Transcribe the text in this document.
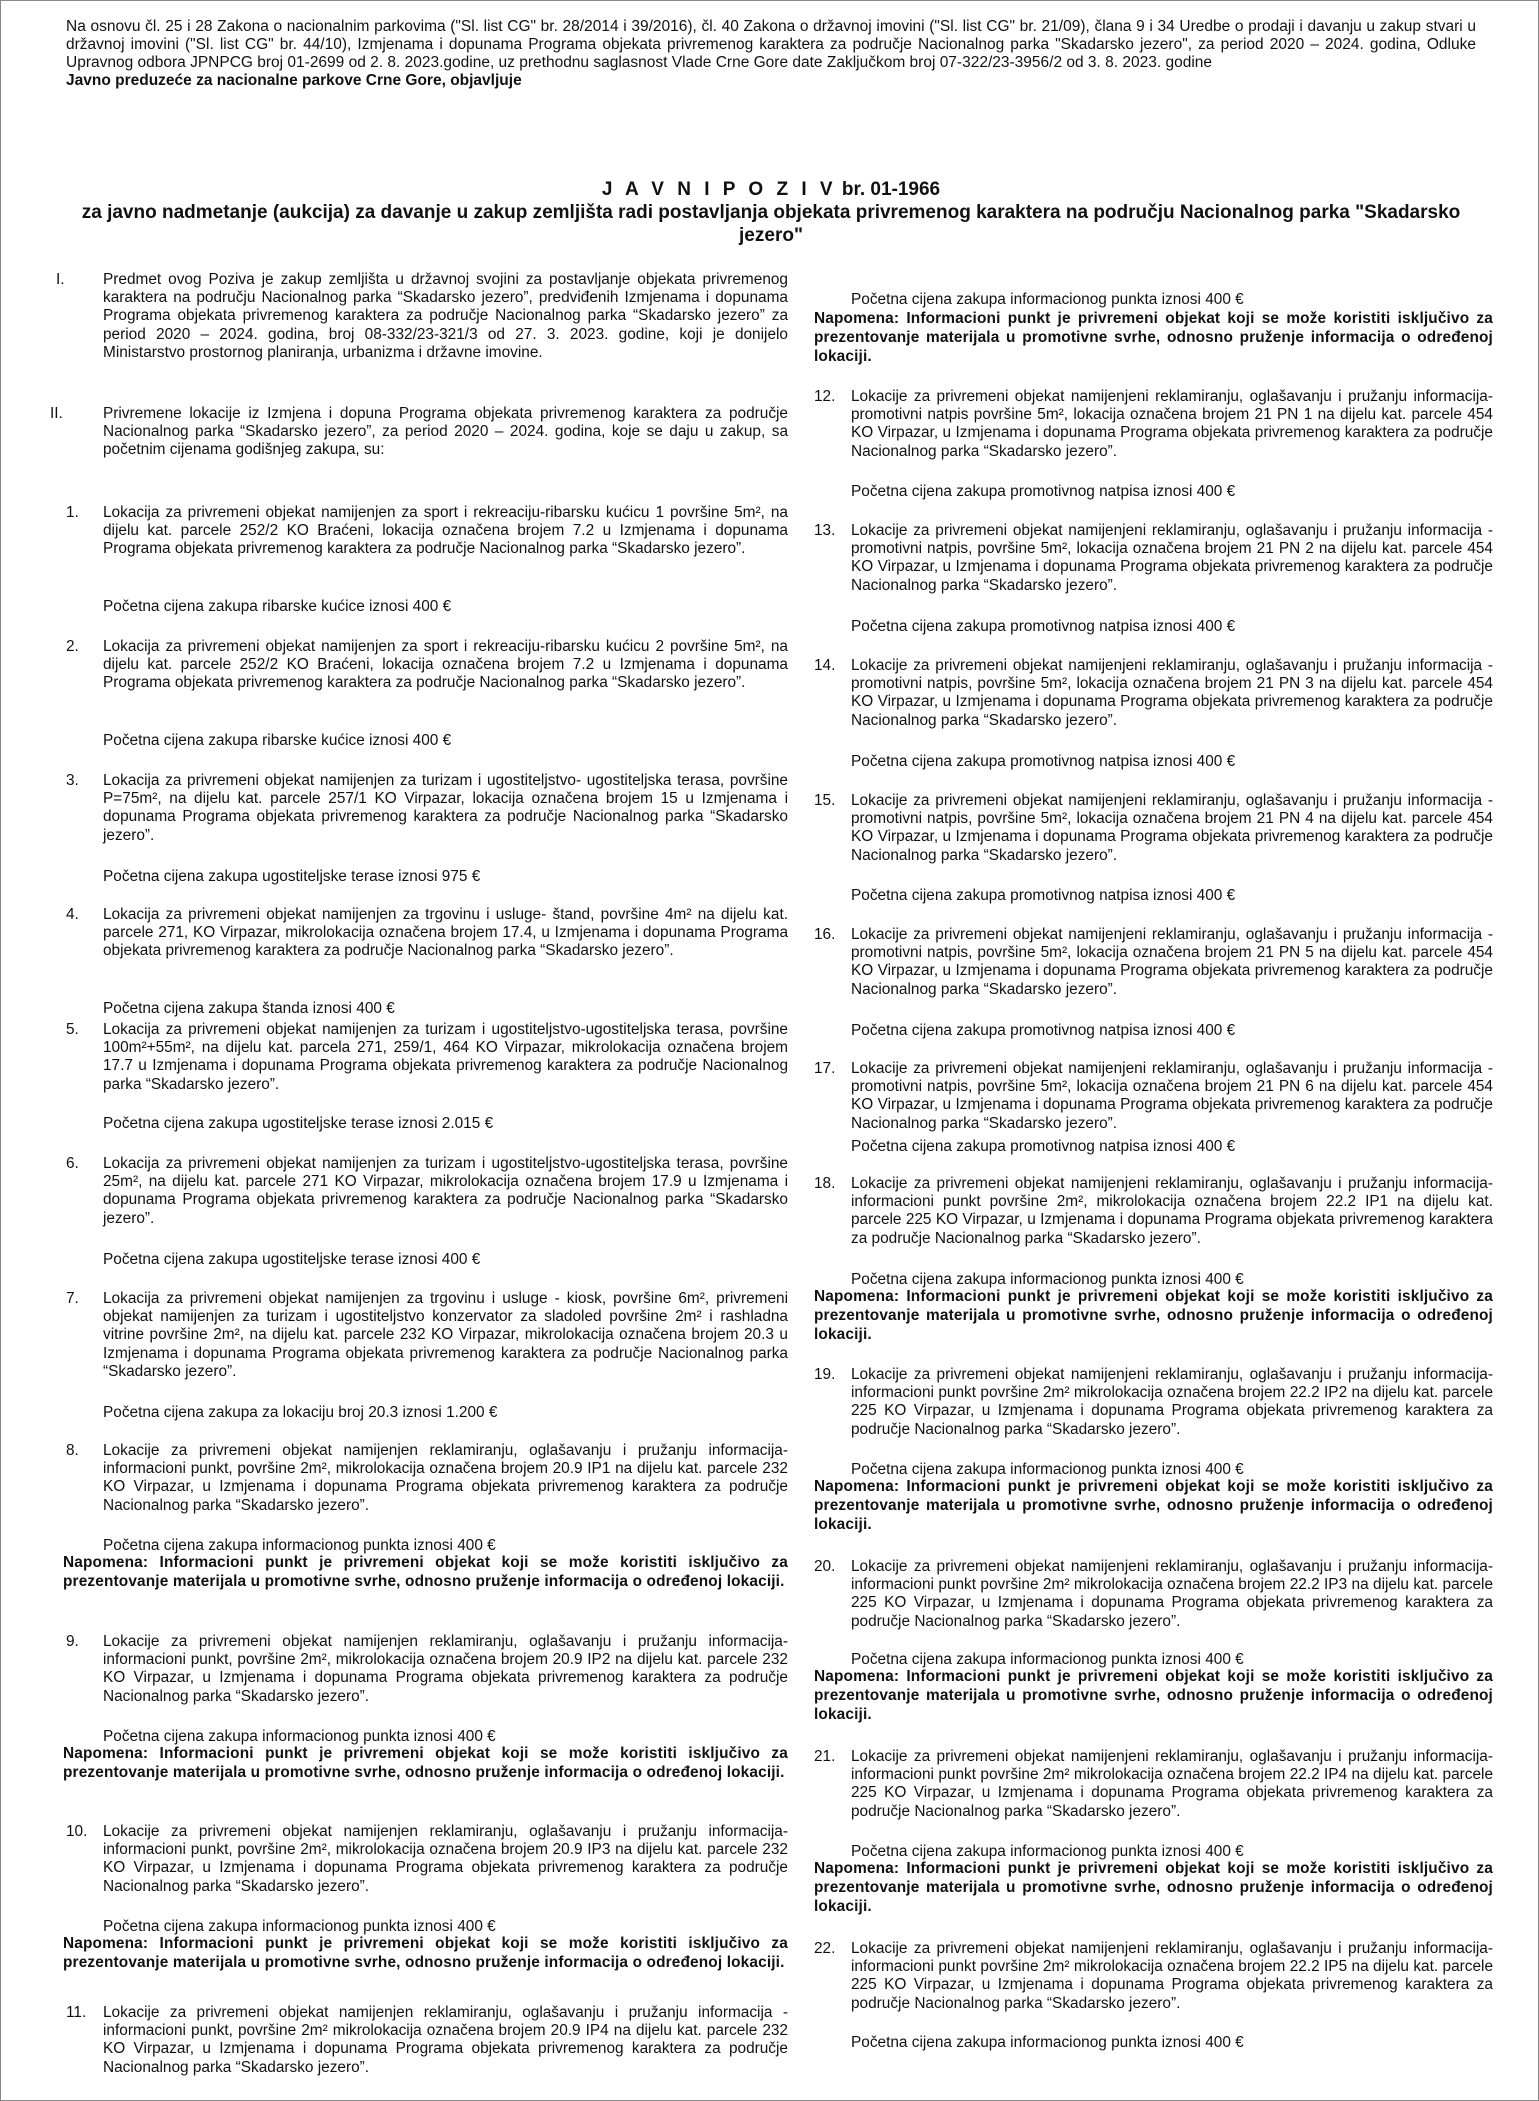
Na osnovu čl. 25 i 28 Zakona o nacionalnim parkovima ("Sl. list CG" br. 28/2014 i 39/2016), čl. 40 Zakona o državnoj imovini ("Sl. list CG" br. 21/09), člana 9 i 34 Uredbe o prodaji i davanju u zakup stvari u državnoj imovini ("Sl. list CG" br. 44/10), Izmjenama i dopunama Programa objekata privremenog karaktera za područje Nacionalnog parka "Skadarsko jezero", za period 2020 – 2024. godina, Odluke Upravnog odbora JPNPCG broj 01-2699 od 2. 8. 2023.godine, uz prethodnu saglasnost Vlade Crne Gore date Zaključkom broj 07-322/23-3956/2 od 3. 8. 2023. godine
Javno preduzeće za nacionalne parkove Crne Gore, objavljuje
J A V N I P O Z I V br. 01-1966
za javno nadmetanje (aukcija) za davanje u zakup zemljišta radi postavljanja objekata privremenog karaktera na području Nacionalnog parka "Skadarsko jezero"
I. Predmet ovog Poziva je zakup zemljišta u državnoj svojini za postavljanje objekata privremenog karaktera na području Nacionalnog parka “Skadarsko jezero”, predviđenih Izmjenama i dopunama Programa objekata privremenog karaktera za područje Nacionalnog parka “Skadarsko jezero” za period 2020 – 2024. godina, broj 08-332/23-321/3 od 27. 3. 2023. godine, koji je donijelo Ministarstvo prostornog planiranja, urbanizma i državne imovine.
II.	Privremene lokacije iz Izmjena i dopuna Programa objekata privremenog karaktera za područje Nacionalnog parka “Skadarsko jezero”, za period 2020 – 2024. godina, koje se daju u zakup, sa početnim cijenama godišnjeg zakupa, su:
1. Lokacija za privremeni objekat namijenjen za sport i rekreaciju-ribarsku kućicu 1 površine 5m², na dijelu kat. parcele 252/2 KO Braćeni, lokacija označena brojem 7.2 u Izmjenama i dopunama Programa objekata privremenog karaktera za područje Nacionalnog parka “Skadarsko jezero”.
Početna cijena zakupa ribarske kućice iznosi 400 €
2. Lokacija za privremeni objekat namijenjen za sport i rekreaciju-ribarsku kućicu 2 površine 5m², na dijelu kat. parcele 252/2 KO Braćeni, lokacija označena brojem 7.2 u Izmjenama i dopunama Programa objekata privremenog karaktera za područje Nacionalnog parka “Skadarsko jezero”.
Početna cijena zakupa ribarske kućice iznosi 400 €
3. Lokacija za privremeni objekat namijenjen za turizam i ugostiteljstvo- ugostiteljska terasa, površine P=75m², na dijelu kat. parcele 257/1 KO Virpazar, lokacija označena brojem 15 u Izmjenama i dopunama Programa objekata privremenog karaktera za područje Nacionalnog parka “Skadarsko jezero”.
Početna cijena zakupa ugostiteljske terase iznosi 975 €
4. Lokacija za privremeni objekat namijenjen za trgovinu i usluge- štand, površine 4m² na dijelu kat. parcele 271, KO Virpazar, mikrolokacija označena brojem 17.4, u Izmjenama i dopunama Programa objekata privremenog karaktera za područje Nacionalnog parka “Skadarsko jezero”.
Početna cijena zakupa štanda iznosi 400 €
5. Lokacija za privremeni objekat namijenjen za turizam i ugostiteljstvo-ugostiteljska terasa, površine 100m²+55m², na dijelu kat. parcela 271, 259/1, 464 KO Virpazar, mikrolokacija označena brojem 17.7 u Izmjenama i dopunama Programa objekata privremenog karaktera za područje Nacionalnog parka “Skadarsko jezero”.
Početna cijena zakupa ugostiteljske terase iznosi 2.015 €
6. Lokacija za privremeni objekat namijenjen za turizam i ugostiteljstvo-ugostiteljska terasa, površine 25m², na dijelu kat. parcele 271 KO Virpazar, mikrolokacija označena brojem 17.9 u Izmjenama i dopunama Programa objekata privremenog karaktera za područje Nacionalnog parka “Skadarsko jezero”.
Početna cijena zakupa ugostiteljske terase iznosi 400 €
7. Lokacija za privremeni objekat namijenjen za trgovinu i usluge - kiosk, površine 6m², privremeni objekat namijenjen za turizam i ugostiteljstvo konzervator za sladoled površine 2m² i rashladna vitrine površine 2m², na dijelu kat. parcele 232 KO Virpazar, mikrolokacija označena brojem 20.3 u Izmjenama i dopunama Programa objekata privremenog karaktera za područje Nacionalnog parka “Skadarsko jezero”.
Početna cijena zakupa za lokaciju broj 20.3 iznosi 1.200 €
8. Lokacije za privremeni objekat namijenjen reklamiranju, oglašavanju i pružanju informacija- informacioni punkt, površine 2m², mikrolokacija označena brojem 20.9 IP1 na dijelu kat. parcele 232 KO Virpazar, u Izmjenama i dopunama Programa objekata privremenog karaktera za područje Nacionalnog parka “Skadarsko jezero”.
Početna cijena zakupa informacionog punkta iznosi 400 €
Napomena: Informacioni punkt je privremeni objekat koji se može koristiti isključivo za prezentovanje materijala u promotivne svrhe, odnosno pruženje informacija o određenoj lokaciji.
9. Lokacije za privremeni objekat namijenjen reklamiranju, oglašavanju i pružanju informacija-informacioni punkt, površine 2m², mikrolokacija označena brojem 20.9 IP2 na dijelu kat. parcele 232 KO Virpazar, u Izmjenama i dopunama Programa objekata privremenog karaktera za područje Nacionalnog parka “Skadarsko jezero”.
Početna cijena zakupa informacionog punkta iznosi 400 €
Napomena: Informacioni punkt je privremeni objekat koji se može koristiti isključivo za prezentovanje materijala u promotivne svrhe, odnosno pruženje informacija o određenoj lokaciji.
10. Lokacije za privremeni objekat namijenjen reklamiranju, oglašavanju i pružanju informacija- informacioni punkt, površine 2m², mikrolokacija označena brojem 20.9 IP3 na dijelu kat. parcele 232 KO Virpazar, u Izmjenama i dopunama Programa objekata privremenog karaktera za područje Nacionalnog parka “Skadarsko jezero”.
Početna cijena zakupa informacionog punkta iznosi 400 €
Napomena: Informacioni punkt je privremeni objekat koji se može koristiti isključivo za prezentovanje materijala u promotivne svrhe, odnosno pruženje informacija o određenoj lokaciji.
11. Lokacije za privremeni objekat namijenjen reklamiranju, oglašavanju i pružanju informacija - informacioni punkt, površine 2m² mikrolokacija označena brojem 20.9 IP4 na dijelu kat. parcele 232 KO Virpazar, u Izmjenama i dopunama Programa objekata privremenog karaktera za područje Nacionalnog parka “Skadarsko jezero”.
Početna cijena zakupa informacionog punkta iznosi 400 €
Napomena: Informacioni punkt je privremeni objekat koji se može koristiti isključivo za prezentovanje materijala u promotivne svrhe, odnosno pruženje informacija o određenoj lokaciji.
12. Lokacije za privremeni objekat namijenjeni reklamiranju, oglašavanju i pružanju informacija-promotivni natpis površine 5m², lokacija označena brojem 21 PN 1 na dijelu kat. parcele 454 KO Virpazar, u Izmjenama i dopunama Programa objekata privremenog karaktera za područje Nacionalnog parka “Skadarsko jezero”.
Početna cijena zakupa promotivnog natpisa iznosi 400 €
13. Lokacije za privremeni objekat namijenjeni reklamiranju, oglašavanju i pružanju informacija - promotivni natpis, površine 5m², lokacija označena brojem 21 PN 2 na dijelu kat. parcele 454 KO Virpazar, u Izmjenama i dopunama Programa objekata privremenog karaktera za područje Nacionalnog parka “Skadarsko jezero”.
Početna cijena zakupa promotivnog natpisa iznosi 400 €
14. Lokacije za privremeni objekat namijenjeni reklamiranju, oglašavanju i pružanju informacija - promotivni natpis, površine 5m², lokacija označena brojem 21 PN 3 na dijelu kat. parcele 454 KO Virpazar, u Izmjenama i dopunama Programa objekata privremenog karaktera za područje Nacionalnog parka “Skadarsko jezero”.
Početna cijena zakupa promotivnog natpisa iznosi 400 €
15. Lokacije za privremeni objekat namijenjeni reklamiranju, oglašavanju i pružanju informacija - promotivni natpis, površine 5m², lokacija označena brojem 21 PN 4 na dijelu kat. parcele 454 KO Virpazar, u Izmjenama i dopunama Programa objekata privremenog karaktera za područje Nacionalnog parka “Skadarsko jezero”.
Početna cijena zakupa promotivnog natpisa iznosi 400 €
16. Lokacije za privremeni objekat namijenjeni reklamiranju, oglašavanju i pružanju informacija - promotivni natpis, površine 5m², lokacija označena brojem 21 PN 5 na dijelu kat. parcele 454 KO Virpazar, u Izmjenama i dopunama Programa objekata privremenog karaktera za područje Nacionalnog parka “Skadarsko jezero”.
Početna cijena zakupa promotivnog natpisa iznosi 400 €
17. Lokacije za privremeni objekat namijenjeni reklamiranju, oglašavanju i pružanju informacija - promotivni natpis, površine 5m², lokacija označena brojem 21 PN 6 na dijelu kat. parcele 454 KO Virpazar, u Izmjenama i dopunama Programa objekata privremenog karaktera za područje Nacionalnog parka “Skadarsko jezero”.
Početna cijena zakupa promotivnog natpisa iznosi 400 €
18. Lokacije za privremeni objekat namijenjeni reklamiranju, oglašavanju i pružanju informacija-informacioni punkt površine 2m², mikrolokacija označena brojem 22.2 IP1 na dijelu kat. parcele 225 KO Virpazar, u Izmjenama i dopunama Programa objekata privremenog karaktera za područje Nacionalnog parka “Skadarsko jezero”.
Početna cijena zakupa informacionog punkta iznosi 400 €
Napomena: Informacioni punkt je privremeni objekat koji se može koristiti isključivo za prezentovanje materijala u promotivne svrhe, odnosno pruženje informacija o određenoj lokaciji.
19. Lokacije za privremeni objekat namijenjeni reklamiranju, oglašavanju i pružanju informacija-informacioni punkt površine 2m² mikrolokacija označena brojem 22.2 IP2 na dijelu kat. parcele 225 KO Virpazar, u Izmjenama i dopunama Programa objekata privremenog karaktera za područje Nacionalnog parka “Skadarsko jezero”.
Početna cijena zakupa informacionog punkta iznosi 400 €
Napomena: Informacioni punkt je privremeni objekat koji se može koristiti isključivo za prezentovanje materijala u promotivne svrhe, odnosno pruženje informacija o određenoj lokaciji.
20. Lokacije za privremeni objekat namijenjeni reklamiranju, oglašavanju i pružanju informacija-informacioni punkt površine 2m² mikrolokacija označena brojem 22.2 IP3 na dijelu kat. parcele 225 KO Virpazar, u Izmjenama i dopunama Programa objekata privremenog karaktera za područje Nacionalnog parka “Skadarsko jezero”.
Početna cijena zakupa informacionog punkta iznosi 400 €
Napomena: Informacioni punkt je privremeni objekat koji se može koristiti isključivo za prezentovanje materijala u promotivne svrhe, odnosno pruženje informacija o određenoj lokaciji.
21. Lokacije za privremeni objekat namijenjeni reklamiranju, oglašavanju i pružanju informacija-informacioni punkt površine 2m² mikrolokacija označena brojem 22.2 IP4 na dijelu kat. parcele 225 KO Virpazar, u Izmjenama i dopunama Programa objekata privremenog karaktera za područje Nacionalnog parka “Skadarsko jezero”.
Početna cijena zakupa informacionog punkta iznosi 400 €
Napomena: Informacioni punkt je privremeni objekat koji se može koristiti isključivo za prezentovanje materijala u promotivne svrhe, odnosno pruženje informacija o određenoj lokaciji.
22. Lokacije za privremeni objekat namijenjeni reklamiranju, oglašavanju i pružanju informacija-informacioni punkt površine 2m² mikrolokacija označena brojem 22.2 IP5 na dijelu kat. parcele 225 KO Virpazar, u Izmjenama i dopunama Programa objekata privremenog karaktera za područje Nacionalnog parka “Skadarsko jezero”.
Početna cijena zakupa informacionog punkta iznosi 400 €
